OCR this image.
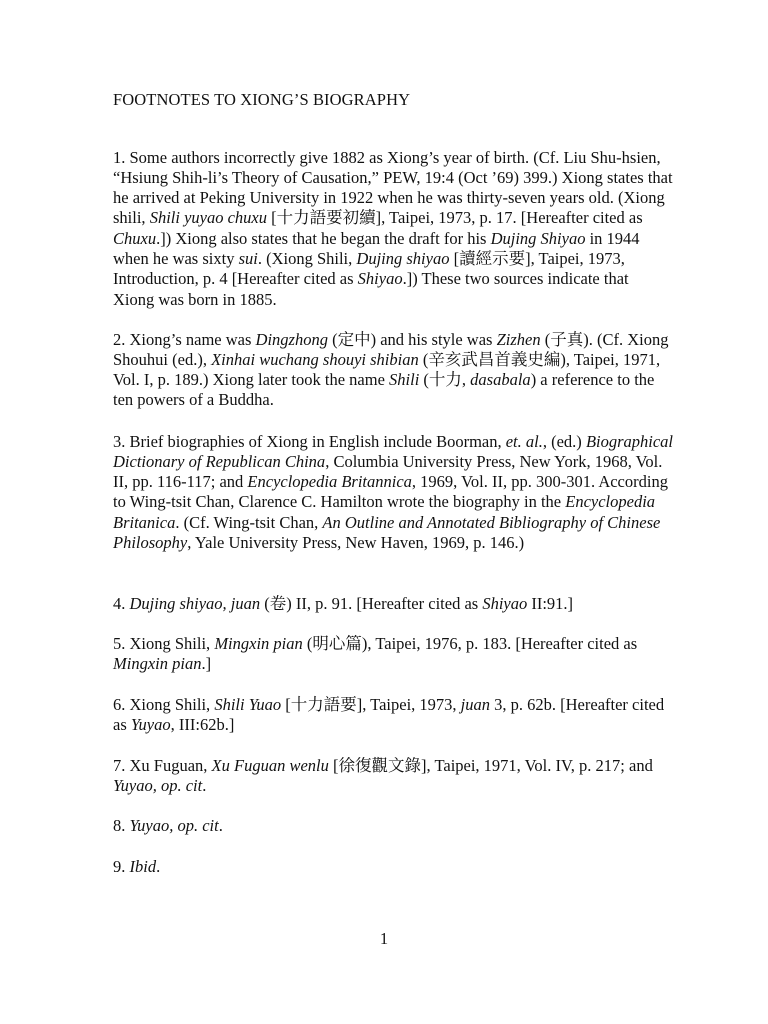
FOOTNOTES TO XIONG’S BIOGRAPHY

1. Some authors incorrectly give 1882 as Xiong’s year of birth. (Cf. Liu Shu-hsien, “Hsiung Shih-li’s Theory of Causation,” PEW, 19:4 (Oct ’69) 399.) Xiong states that he arrived at Peking University in 1922 when he was thirty-seven years old. (Xiong shili, Shili yuyao chuxu [十力語要初續], Taipei, 1973, p. 17. [Hereafter cited as Chuxu.]) Xiong also states that he began the draft for his Dujing Shiyao in 1944 when he was sixty sui. (Xiong Shili, Dujing shiyao [讀經示要], Taipei, 1973, Introduction, p. 4 [Hereafter cited as Shiyao.]) These two sources indicate that Xiong was born in 1885.

2. Xiong’s name was Dingzhong (定中) and his style was Zizhen (子真). (Cf. Xiong Shouhui (ed.), Xinhai wuchang shouyi shibian (辛亥武昌首義史編), Taipei, 1971, Vol. I, p. 189.) Xiong later took the name Shili (十力, dasabala) a reference to the ten powers of a Buddha.

3. Brief biographies of Xiong in English include Boorman, et. al., (ed.) Biographical Dictionary of Republican China, Columbia University Press, New York, 1968, Vol. II, pp. 116-117; and Encyclopedia Britannica, 1969, Vol. II, pp. 300-301. According to Wing-tsit Chan, Clarence C. Hamilton wrote the biography in the Encyclopedia Britanica. (Cf. Wing-tsit Chan, An Outline and Annotated Bibliography of Chinese Philosophy, Yale University Press, New Haven, 1969, p. 146.)

4. Dujing shiyao, juan (卷) II, p. 91. [Hereafter cited as Shiyao II:91.]

5. Xiong Shili, Mingxin pian (明心篇), Taipei, 1976, p. 183. [Hereafter cited as Mingxin pian.]

6. Xiong Shili, Shili Yuao [十力語要], Taipei, 1973, juan 3, p. 62b. [Hereafter cited as Yuyao, III:62b.]

7. Xu Fuguan, Xu Fuguan wenlu [徐復觀文錄], Taipei, 1971, Vol. IV, p. 217; and Yuyao, op. cit.

8. Yuyao, op. cit.

9. Ibid.

1
